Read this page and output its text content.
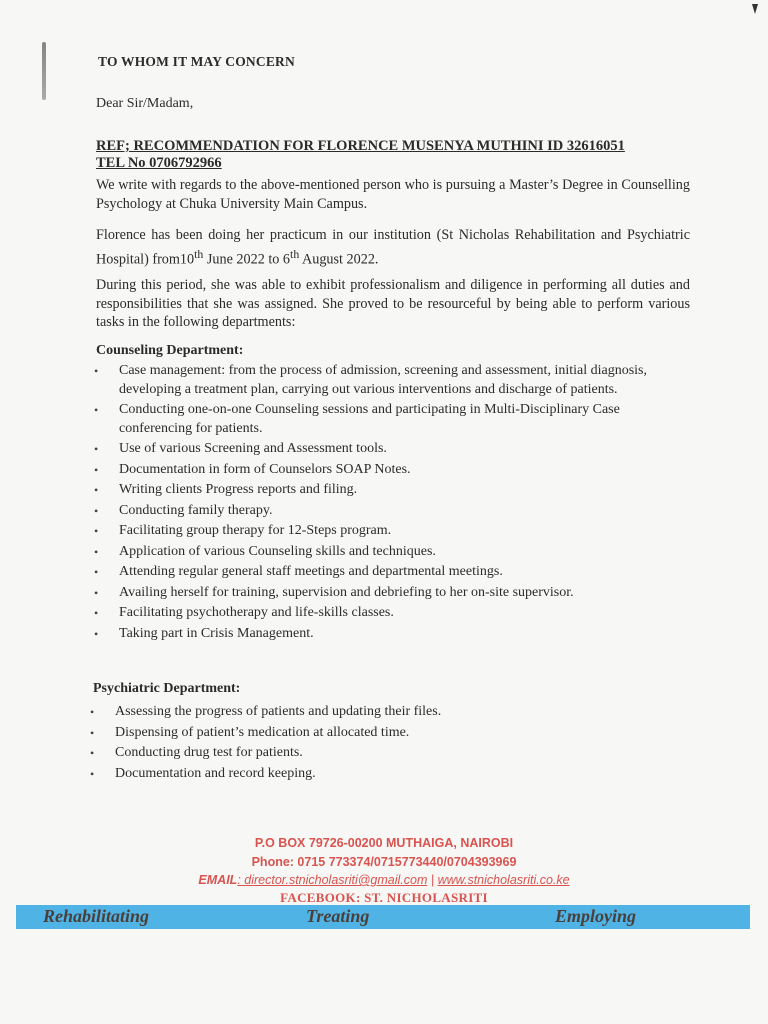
TO WHOM IT MAY CONCERN
Dear Sir/Madam,
REF; RECOMMENDATION FOR FLORENCE MUSENYA MUTHINI ID 32616051
TEL No 0706792966
We write with regards to the above-mentioned person who is pursuing a Master’s Degree in Counselling Psychology at Chuka University Main Campus.
Florence has been doing her practicum in our institution (St Nicholas Rehabilitation and Psychiatric Hospital) from10th June 2022 to 6th August 2022.
During this period, she was able to exhibit professionalism and diligence in performing all duties and responsibilities that she was assigned. She proved to be resourceful by being able to perform various tasks in the following departments:
Counseling Department:
• Case management: from the process of admission, screening and assessment, initial diagnosis, developing a treatment plan, carrying out various interventions and discharge of patients.
• Conducting one-on-one Counseling sessions and participating in Multi-Disciplinary Case conferencing for patients.
• Use of various Screening and Assessment tools.
• Documentation in form of Counselors SOAP Notes.
• Writing clients Progress reports and filing.
• Conducting family therapy.
• Facilitating group therapy for 12-Steps program.
• Application of various Counseling skills and techniques.
• Attending regular general staff meetings and departmental meetings.
• Availing herself for training, supervision and debriefing to her on-site supervisor.
• Facilitating psychotherapy and life-skills classes.
• Taking part in Crisis Management.
Psychiatric Department:
• Assessing the progress of patients and updating their files.
• Dispensing of patient’s medication at allocated time.
• Conducting drug test for patients.
• Documentation and record keeping.
P.O BOX 79726-00200 MUTHAIGA, NAIROBI
Phone: 0715 773374/0715773440/0704393969
EMAIL: director.stnicholasriti@gmail.com | www.stnicholasriti.co.ke
FACEBOOK: ST. NICHOLASRITI
Rehabilitating	Treating	Employing
